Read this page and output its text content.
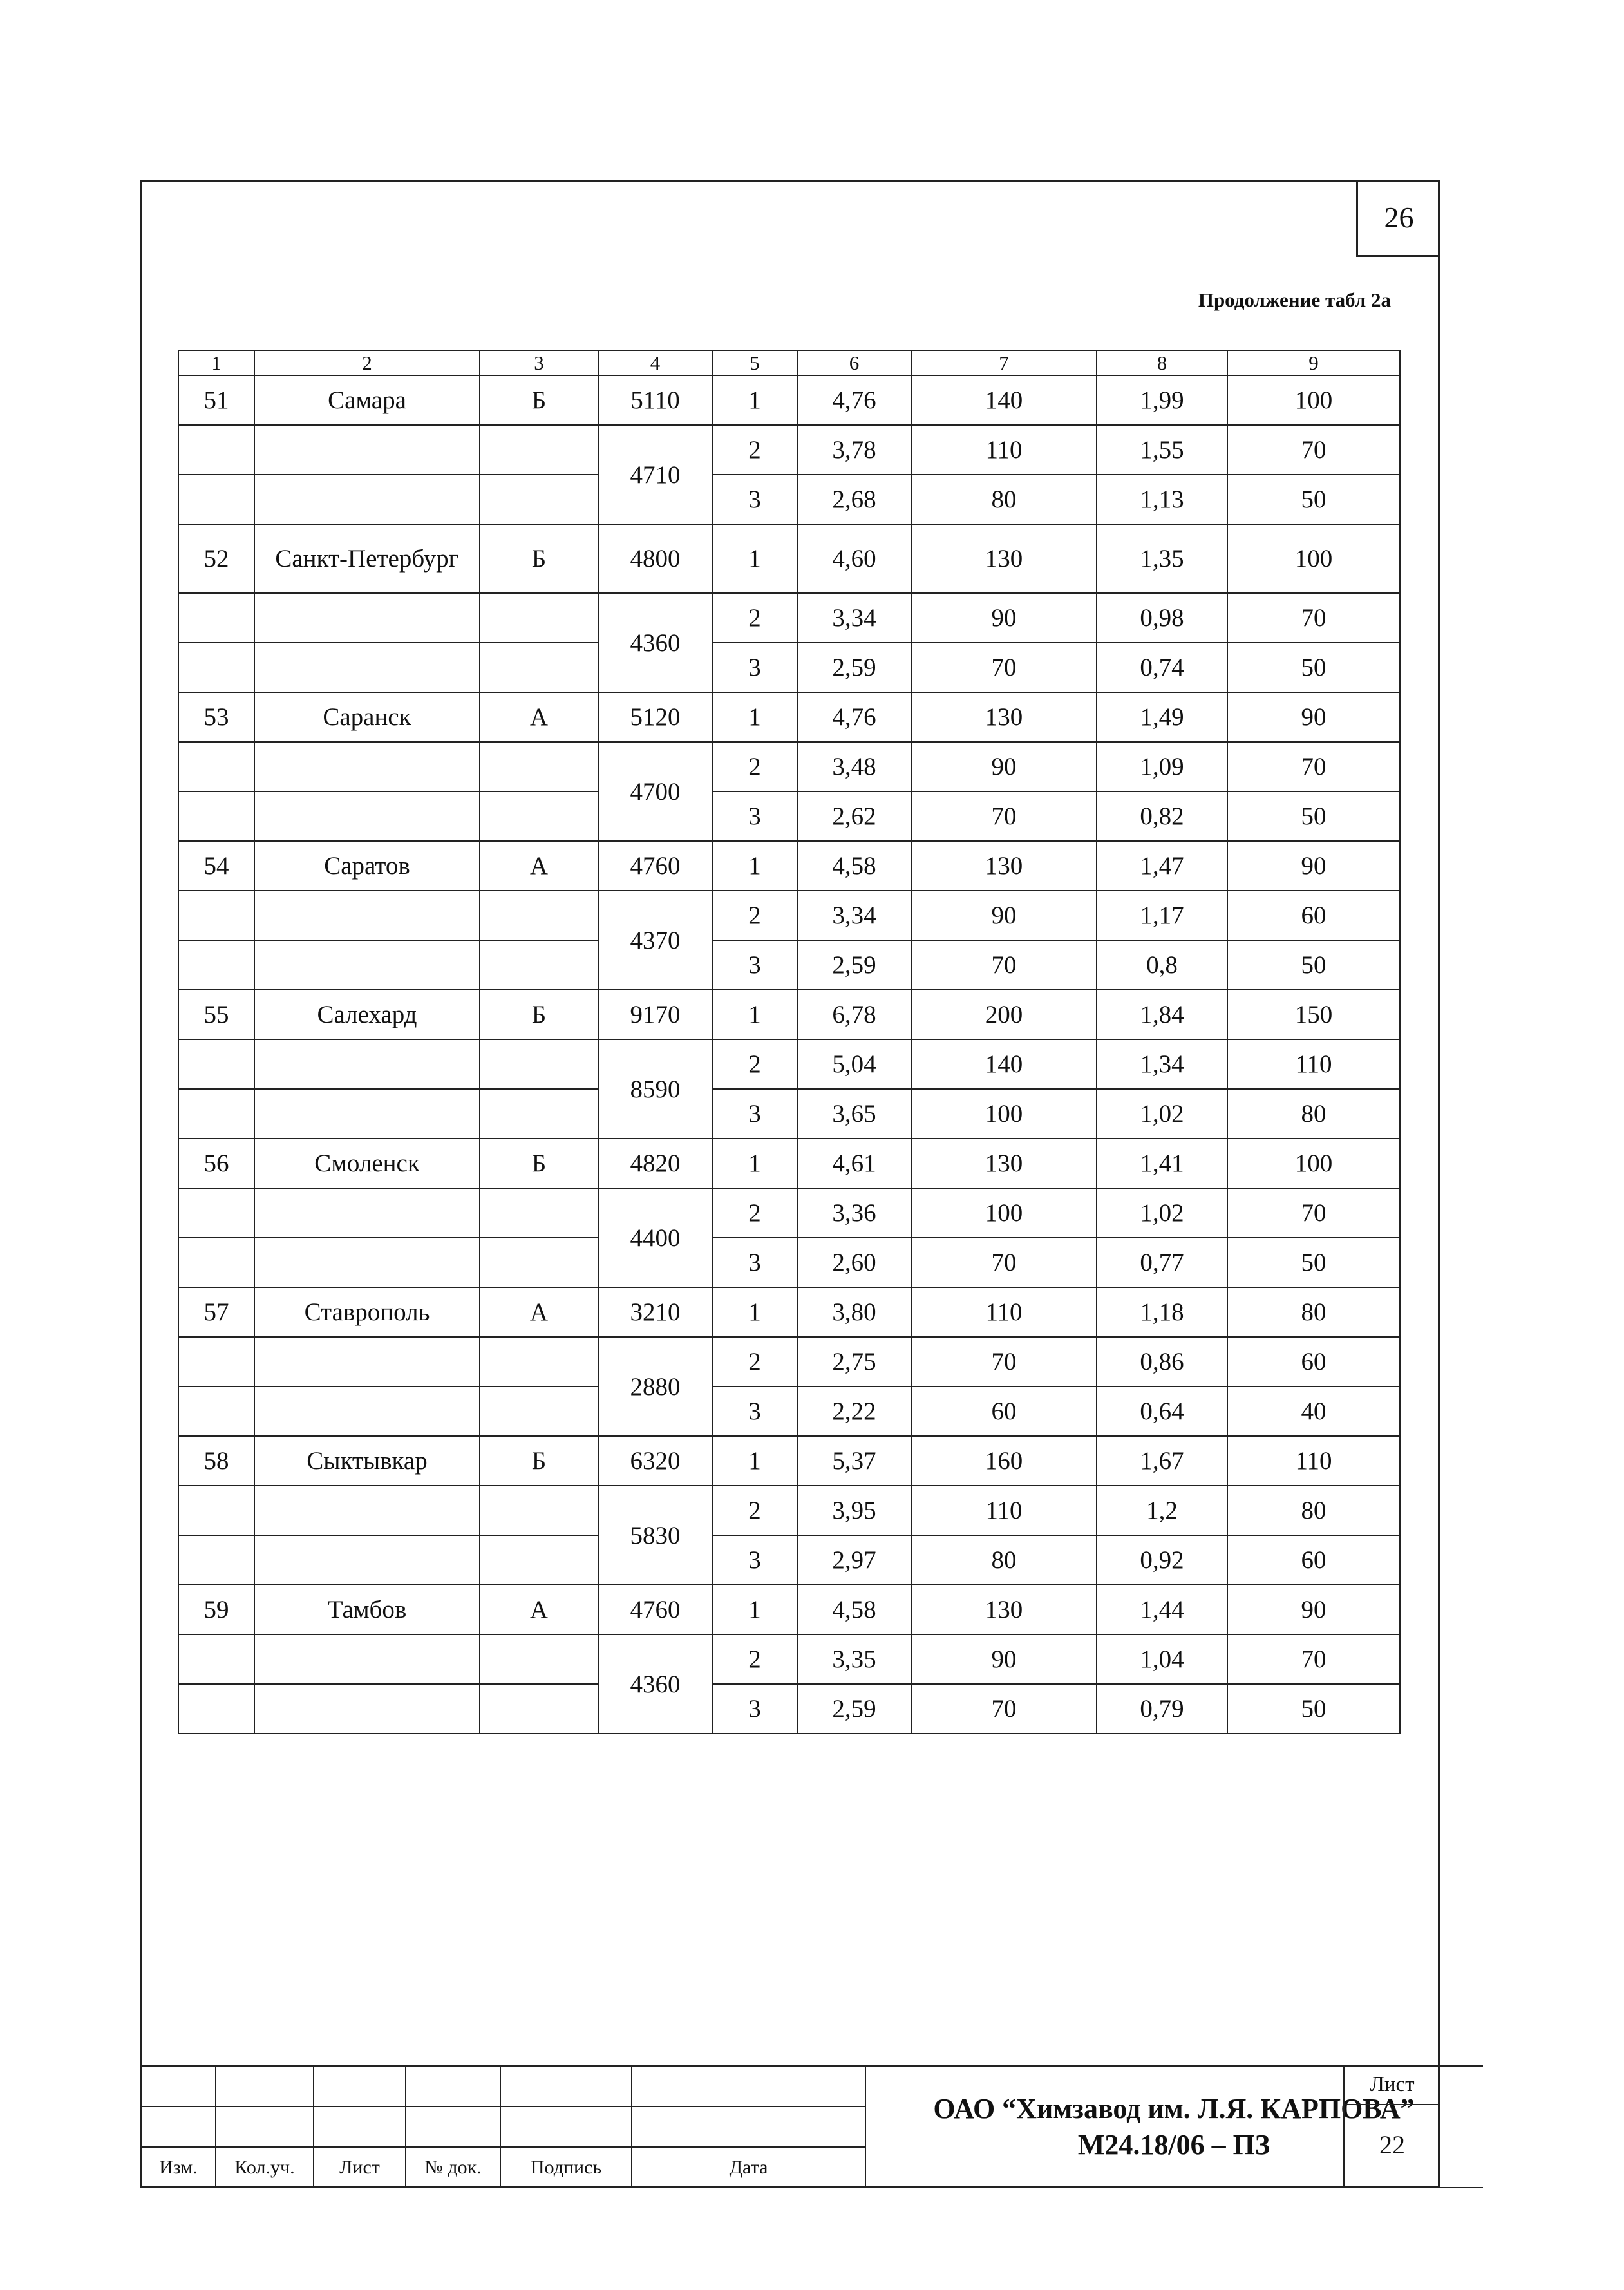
26
Продолжение табл 2а
1	2	3	4	5	6	7	8	9
51	Самара	Б	5110	1	4,76	140	1,99	100
			4710	2	3,78	110	1,55	70
				3	2,68	80	1,13	50
52	Санкт-Петербург	Б	4800	1	4,60	130	1,35	100
			4360	2	3,34	90	0,98	70
				3	2,59	70	0,74	50
53	Саранск	А	5120	1	4,76	130	1,49	90
			4700	2	3,48	90	1,09	70
				3	2,62	70	0,82	50
54	Саратов	А	4760	1	4,58	130	1,47	90
			4370	2	3,34	90	1,17	60
				3	2,59	70	0,8	50
55	Салехард	Б	9170	1	6,78	200	1,84	150
			8590	2	5,04	140	1,34	110
				3	3,65	100	1,02	80
56	Смоленск	Б	4820	1	4,61	130	1,41	100
			4400	2	3,36	100	1,02	70
				3	2,60	70	0,77	50
57	Ставрополь	А	3210	1	3,80	110	1,18	80
			2880	2	2,75	70	0,86	60
				3	2,22	60	0,64	40
58	Сыктывкар	Б	6320	1	5,37	160	1,67	110
			5830	2	3,95	110	1,2	80
				3	2,97	80	0,92	60
59	Тамбов	А	4760	1	4,58	130	1,44	90
			4360	2	3,35	90	1,04	70
				3	2,59	70	0,79	50

Изм.	Кол.уч.	Лист	№ док.	Подпись	Дата
ОАО “Химзавод им. Л.Я. КАРПОВА”
М24.18/06 – ПЗ
Лист
22
